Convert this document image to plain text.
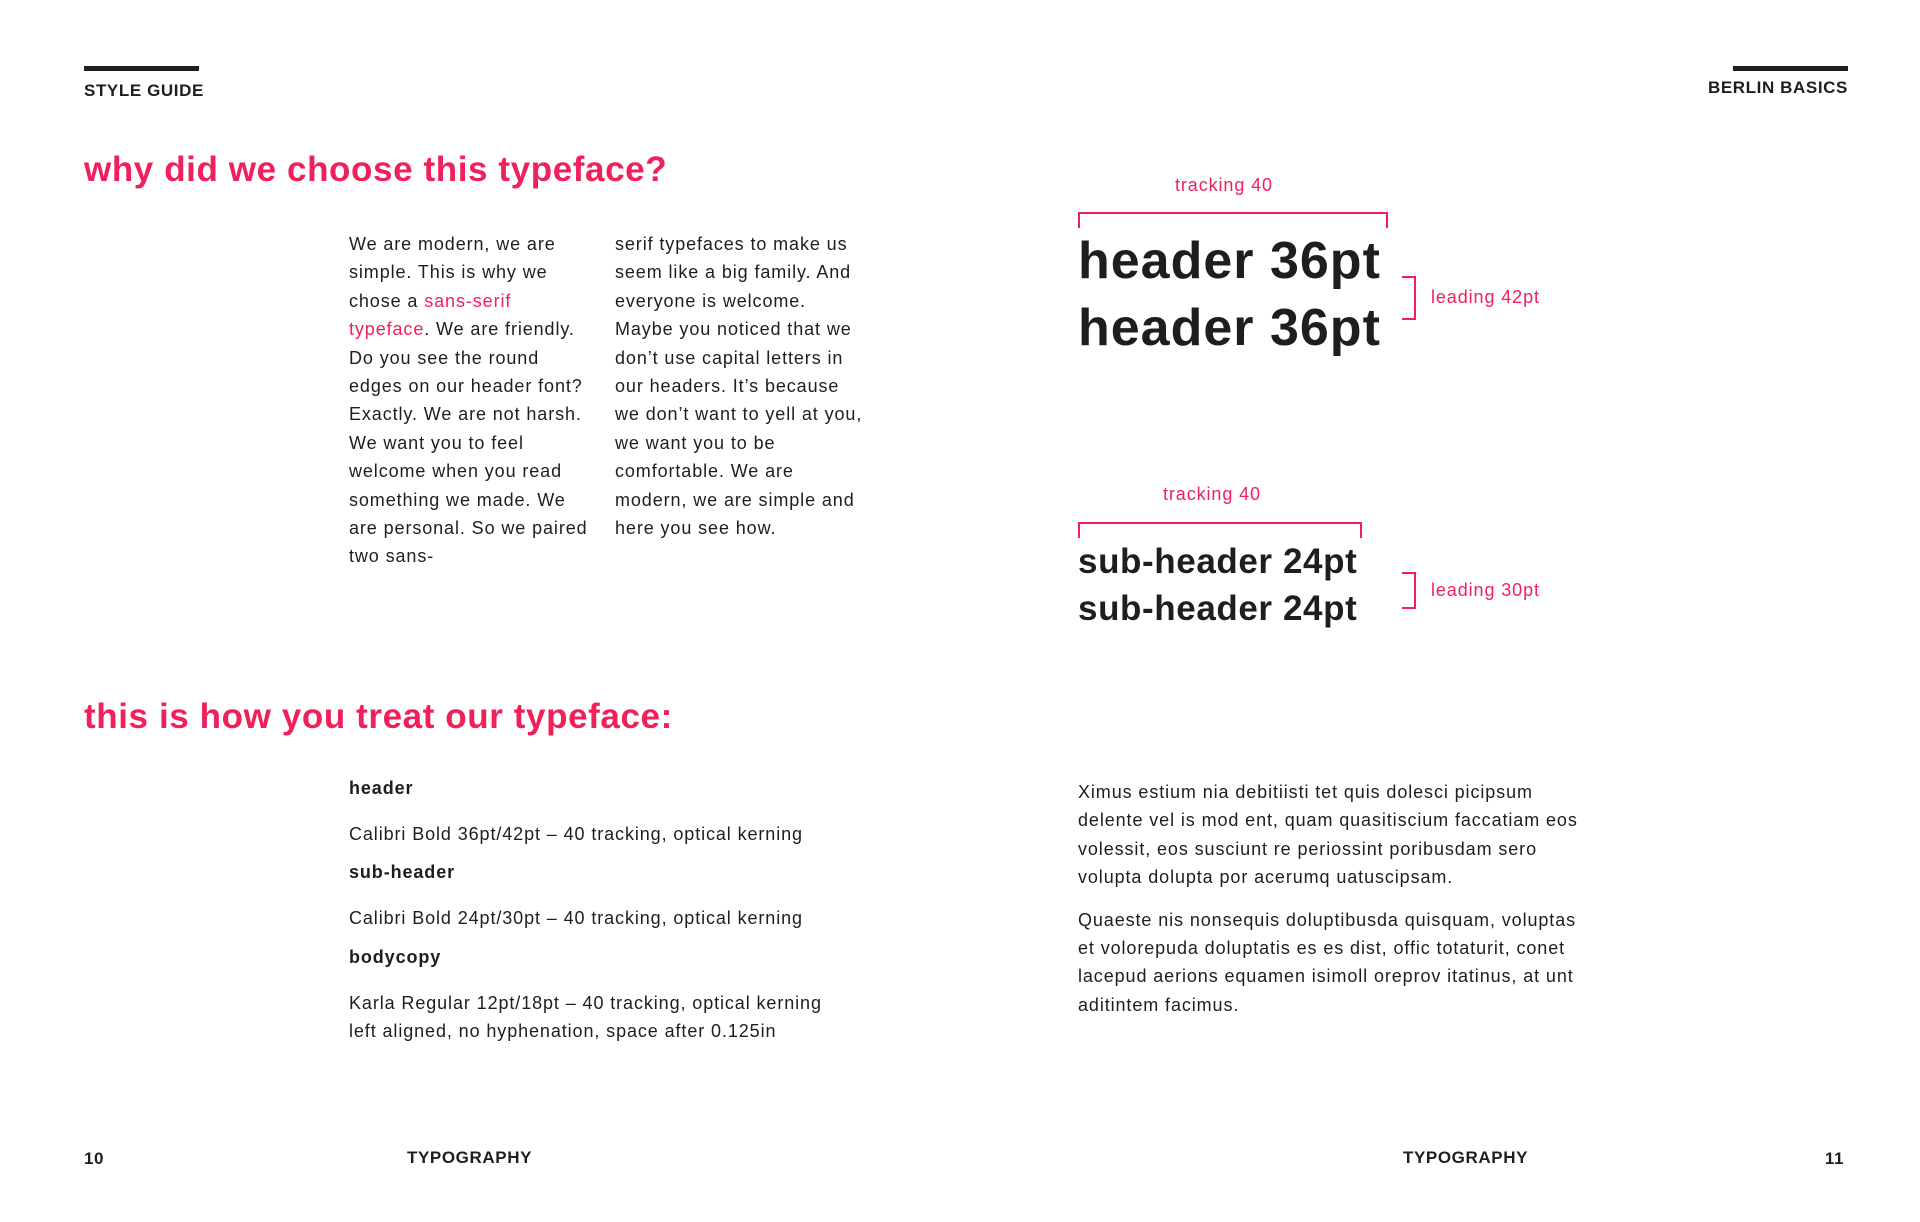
STYLE GUIDE	BERLIN BASICS
why did we choose this typeface?

We are modern, we are simple. This is why we chose a sans-serif typeface. We are friendly. Do you see the round edges on our header font? Exactly. We are not harsh. We want you to feel welcome when you read something we made. We are personal. So we paired two sans-

serif typefaces to make us seem like a big family. And everyone is welcome. Maybe you noticed that we don’t use capital letters in our headers. It’s because we don’t want to yell at you, we want you to be comfortable. We are modern, we are simple and here you see how.

tracking 40
header 36pt
header 36pt
leading 42pt
tracking 40
sub-header 24pt
sub-header 24pt	leading 30pt
this is how you treat our typeface:
header
Calibri Bold 36pt/42pt – 40 tracking, optical kerning
sub-header
Calibri Bold 24pt/30pt – 40 tracking, optical kerning
bodycopy
Karla Regular 12pt/18pt – 40 tracking, optical kerning left aligned, no hyphenation, space after 0.125in

Ximus estium nia debitiisti tet quis dolesci picipsum delente vel is mod ent, quam quasitiscium faccatiam eos volessit, eos susciunt re periossint poribusdam sero volupta dolupta por acerumq uatuscipsam.

Quaeste nis nonsequis doluptibusda quisquam, voluptas et volorepuda doluptatis es es dist, offic totaturit, conet lacepud aerions equamen isimoll oreprov itatinus, at unt aditintem facimus.

10	TYPOGRAPHY	TYPOGRAPHY	11
